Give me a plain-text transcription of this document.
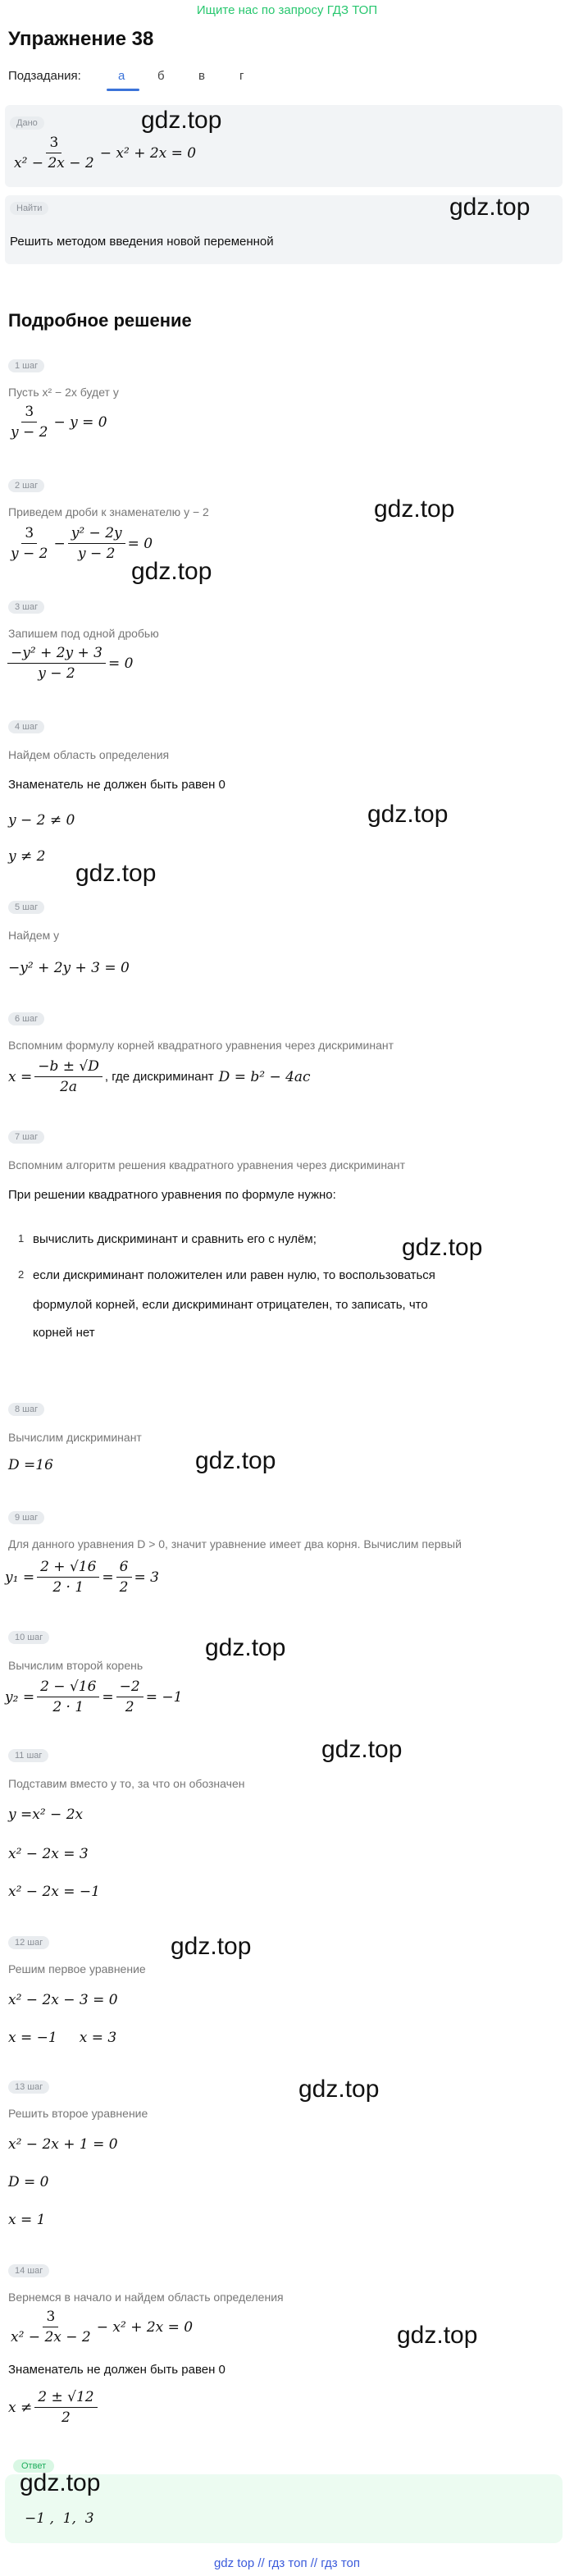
Ищите нас по запросу ГДЗ ТОП
Упражнение 38
Подзадания:	а	б	в	г
Дано
$\frac{3}{\text{x² − 2x − 2}} - x^2 + 2x = 0$
Найти
Решить методом введения новой переменной
Подробное решение
1 шаг
Пусть x² − 2x будет y
$\frac{3}{y - 2} - y = 0$
2 шаг
Приведем дроби к знаменателю y − 2
$\frac{3}{y - 2} - \frac{\text{y² − 2y}}{y - 2} = 0$
3 шаг
Запишем под одной дробью
$\frac{\text{−y² + 2y + 3}}{y - 2} = 0$
4 шаг
Найдем область определения
Знаменатель не должен быть равен 0
y − 2 ≠ 0
y ≠ 2
5 шаг
Найдем y
−y² + 2y + 3 = 0
6 шаг
Вспомним формулу корней квадратного уравнения через дискриминант
$x = \frac{-b \pm √D}{2a}$ , где дискриминант D = b² − 4ac
7 шаг
Вспомним алгоритм решения квадратного уравнения через дискриминант
При решении квадратного уравнения по формуле нужно:
1 вычислить дискриминант и сравнить его с нулём;
2 если дискриминант положителен или равен нулю, то воспользоваться
формулой корней, если дискриминант отрицателен, то записать, что
корней нет
8 шаг
Вычислим дискриминант
D =16
9 шаг
Для данного уравнения D > 0, значит уравнение имеет два корня. Вычислим первый
$y_1 = \frac{2 + √16}{2 \cdot 1} = \frac{6}{2} = 3$
10 шаг
Вычислим второй корень
$y_2 = \frac{2 - √16}{2 \cdot 1} = \frac{-2}{2} = -1$
11 шаг
Подставим вместо y то, за что он обозначен
y =x² − 2x
x² − 2x = 3
x² − 2x = −1
12 шаг
Решим первое уравнение
x² − 2x − 3 = 0
x = −1     x = 3
13 шаг
Решить второе уравнение
x² − 2x + 1 = 0
D = 0
x = 1
14 шаг
Вернемся в начало и найдем область определения
$\frac{3}{\text{x² − 2x − 2}} - x^2 + 2x = 0$
Знаменатель не должен быть равен 0
$x \ne \frac{2 \pm √12}{2}$
Ответ
−1 ,  1,  3
gdz.top
gdz.top
gdz.top
gdz.top
gdz.top
gdz.top
gdz.top
gdz.top
gdz.top
gdz.top
gdz.top
gdz.top
gdz.top
gdz.top
gdz top // гдз топ // гдз топ
